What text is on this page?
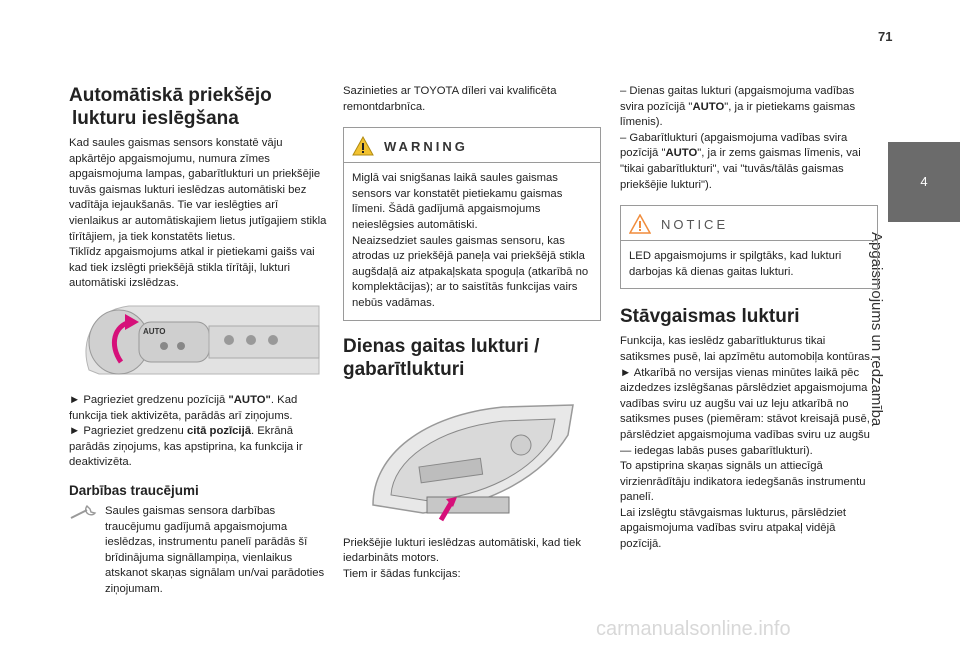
71
4
Apgaismojums un redzamība
Automātiskā priekšējo
lukturu ieslēgšana

Kad saules gaismas sensors konstatē vāju apkārtējo apgaismojumu, numura zīmes apgaismojuma lampas, gabarītlukturi un priekšējie tuvās gaismas lukturi ieslēdzas automātiski bez vadītāja iejaukšanās. Tie var ieslēgties arī vienlaikus ar automātiskajiem lietus jutīgajiem stikla tīrītājiem, ja tiek konstatēts lietus.

Tiklīdz apgaismojums atkal ir pietiekami gaišs vai kad tiek izslēgti priekšējā stikla tīrītāji, lukturi automātiski izslēdzas.

AUTO

► Pagrieziet gredzenu pozīcijā "AUTO". Kad funkcija tiek aktivizēta, parādās arī ziņojums.

► Pagrieziet gredzenu citā pozīcijā. Ekrānā parādās ziņojums, kas apstiprina, ka funkcija ir deaktivizēta.

Darbības traucējumi

Saules gaismas sensora darbības traucējumu gadījumā apgaismojuma ieslēdzas, instrumentu panelī parādās šī brīdinājuma signāllampiņa, vienlaikus atskanot skaņas signālam un/vai parādoties ziņojumam.

Sazinieties ar TOYOTA dīleri vai kvalificēta remontdarbnīca.

WARNING

Miglā vai snigšanas laikā saules gaismas sensors var konstatēt pietiekamu gaismas līmeni. Šādā gadījumā apgaismojums neieslēgsies automātiski.

Neaizsedziet saules gaismas sensoru, kas atrodas uz priekšējā paneļa vai priekšējā stikla augšdaļā aiz atpakaļskata spoguļa (atkarībā no komplektācijas); ar to saistītās funkcijas vairs nebūs vadāmas.

Dienas gaitas lukturi /
gabarītlukturi

Priekšējie lukturi ieslēdzas automātiski, kad tiek iedarbināts motors.

Tiem ir šādas funkcijas:

– Dienas gaitas lukturi (apgaismojuma vadības svira pozīcijā "AUTO", ja ir pietiekams gaismas līmenis).

– Gabarītlukturi (apgaismojuma vadības svira pozīcijā "AUTO", ja ir zems gaismas līmenis, vai "tikai gabarītlukturi", vai "tuvās/tālās gaismas priekšējie lukturi").

NOTICE

LED apgaismojums ir spilgtāks, kad lukturi darbojas kā dienas gaitas lukturi.

Stāvgaismas lukturi

Funkcija, kas ieslēdz gabarītlukturus tikai satiksmes pusē, lai apzīmētu automobiļa kontūras.

► Atkarībā no versijas vienas minūtes laikā pēc aizdedzes izslēgšanas pārslēdziet apgaismojuma vadības sviru uz augšu vai uz leju atkarībā no satiksmes puses (piemēram: stāvot kreisajā pusē, pārslēdziet apgaismojuma vadības sviru uz augšu — iedegas labās puses gabarītlukturi).

To apstiprina skaņas signāls un attiecīgā virzienrādītāju indikatora iedegšanās instrumentu panelī.

Lai izslēgtu stāvgaismas lukturus, pārslēdziet apgaismojuma vadības sviru atpakaļ vidējā pozīcijā.

carmanualsonline.info
